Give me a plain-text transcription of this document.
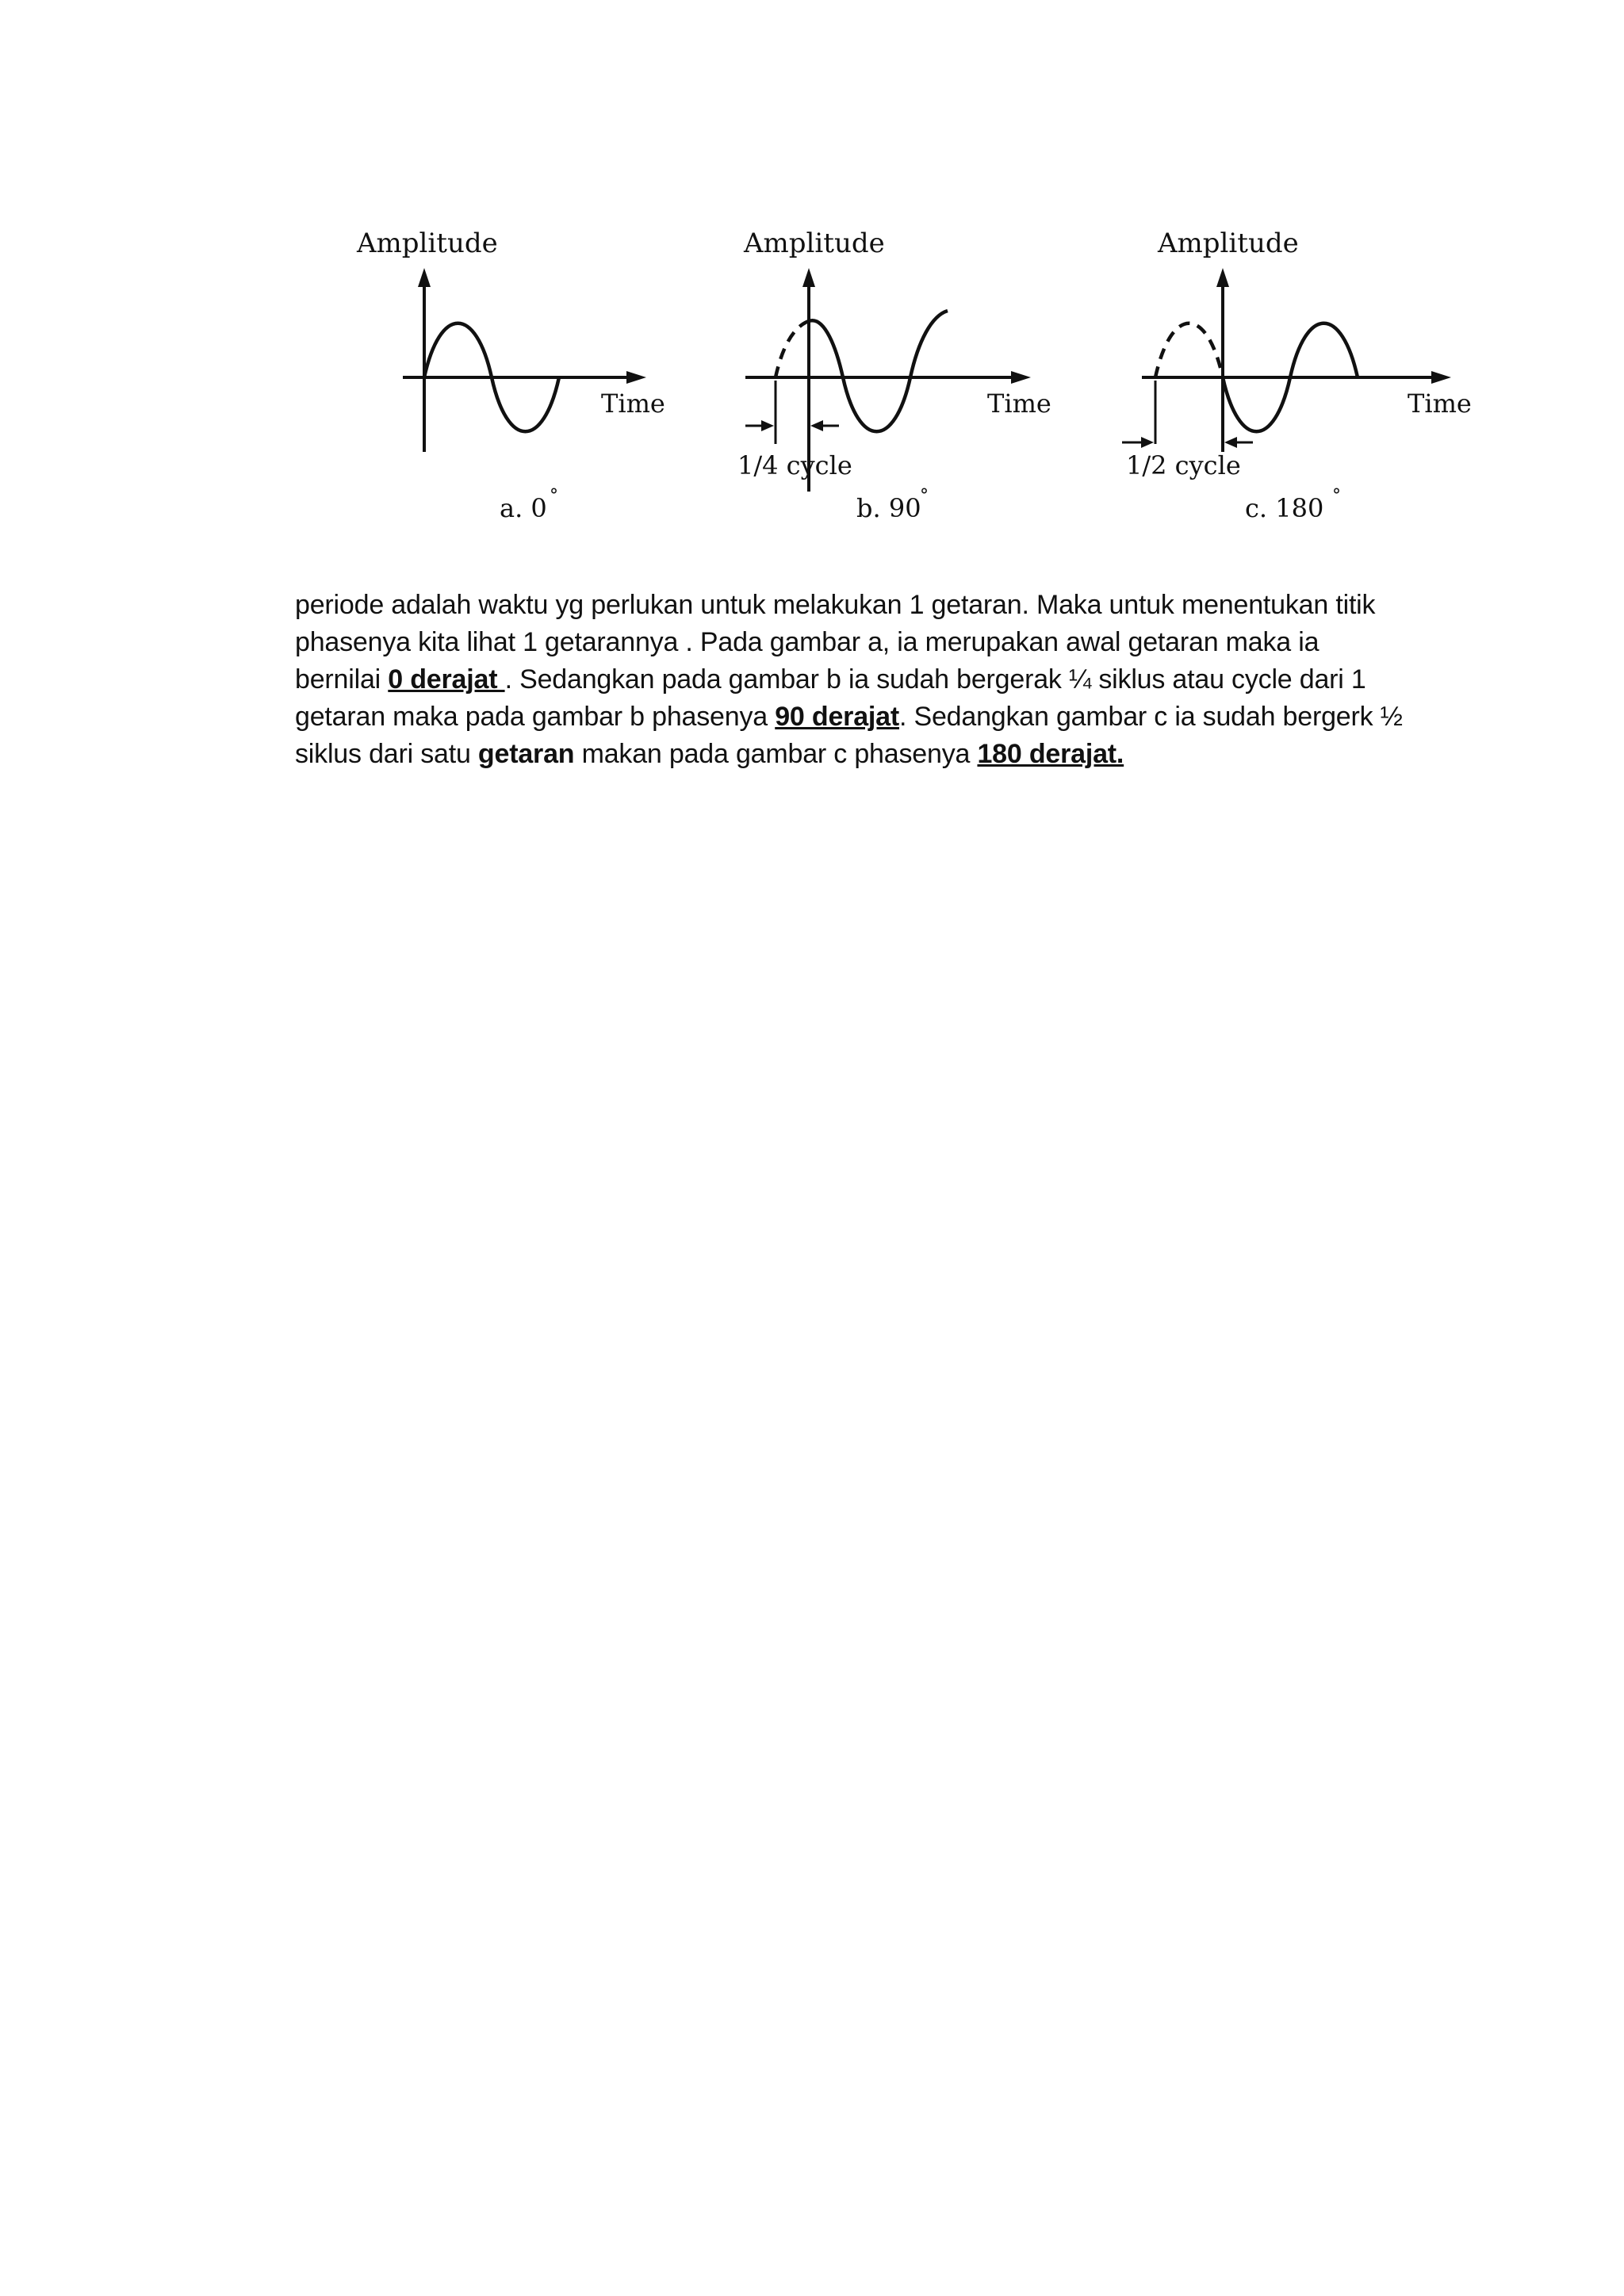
Amplitude
Time
a. 0 °
Amplitude
Time
1/4 cycle
b. 90
°
Amplitude
Time
1/2 cycle
c. 180 °
periode adalah waktu yg perlukan untuk melakukan 1 getaran. Maka untuk menentukan titik
phasenya kita lihat 1 getarannya . Pada gambar a, ia merupakan awal getaran maka ia
bernilai 0 derajat . Sedangkan pada gambar b ia sudah bergerak ¼ siklus atau cycle dari 1
getaran maka pada gambar b phasenya 90 derajat. Sedangkan gambar c ia sudah bergerk ½
siklus dari satu getaran makan pada gambar c phasenya 180 derajat.
